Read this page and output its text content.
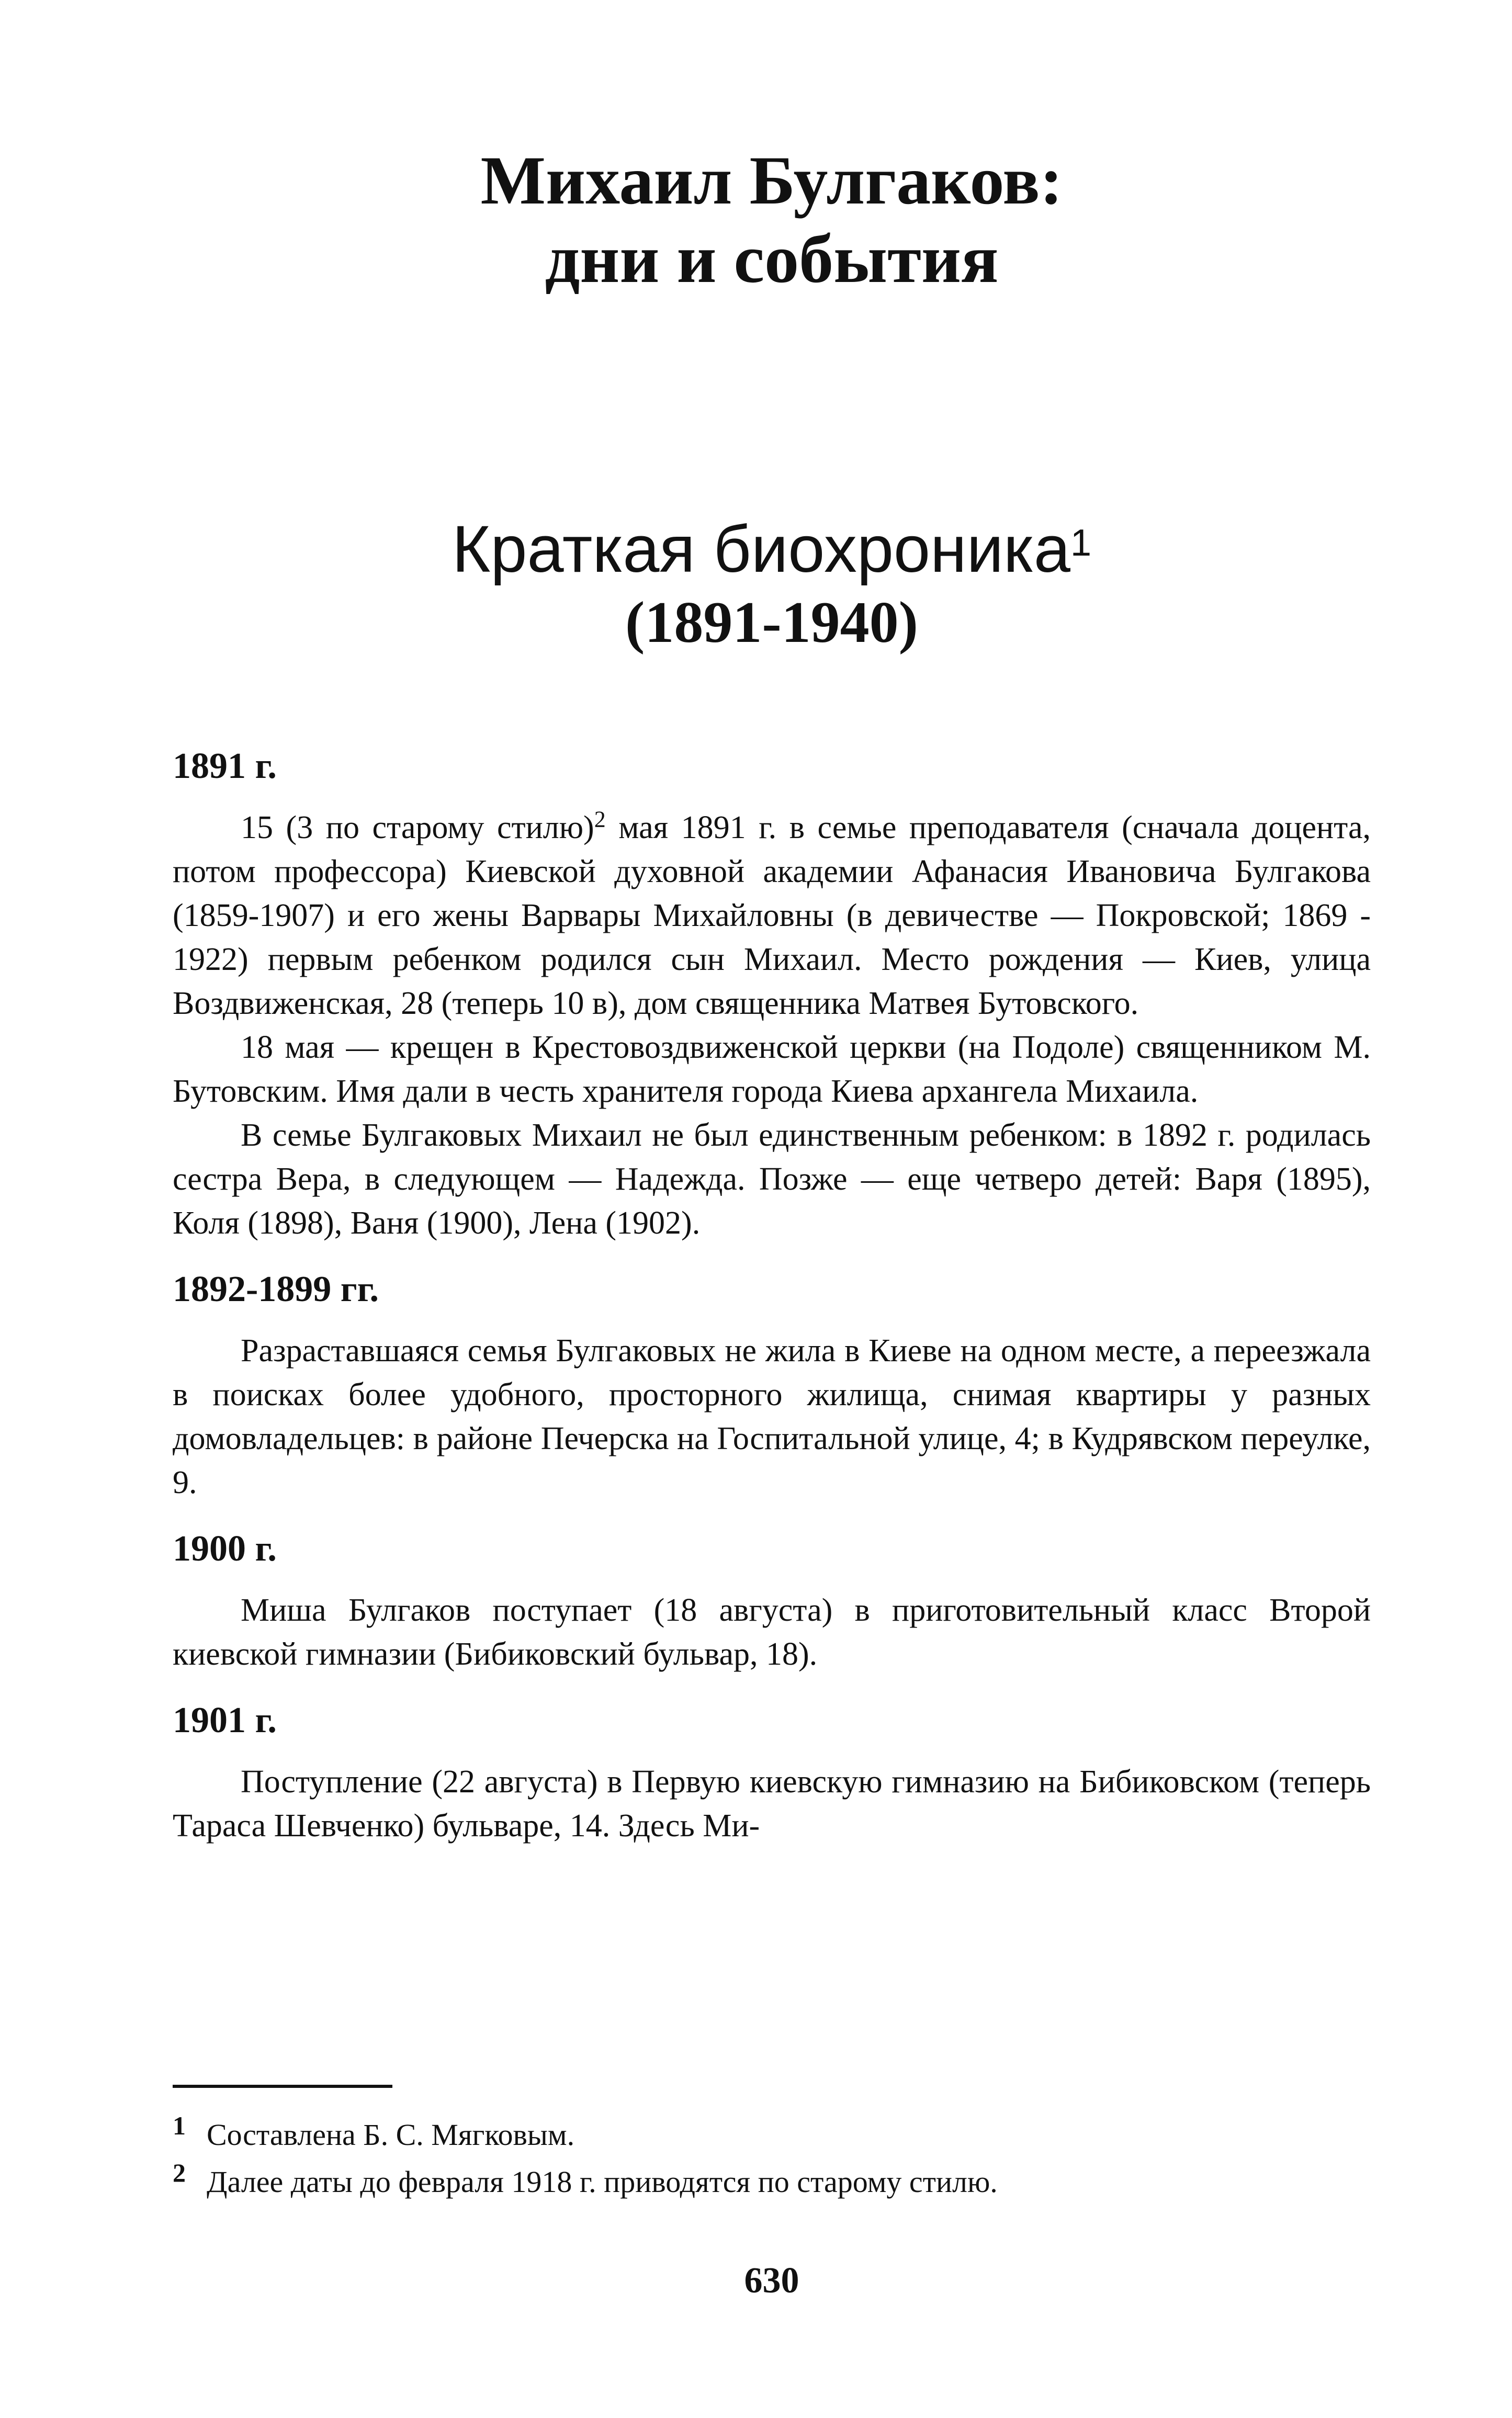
Михаил Булгаков:
дни и события
Краткая биохроника$^1$
(1891-1940)

1891 г.

15 (3 по старому стилю)$^2$ мая 1891 г. в семье преподавателя (сначала доцента, потом профессора) Киевской духовной академии Афанасия Ивановича Булгакова (1859-1907) и его жены Варвары Михайловны (в девичестве — Покровской; 1869 - 1922) первым ребенком родился сын Михаил. Место рождения — Киев, улица Воздвиженская, 28 (теперь 10 в), дом священника Матвея Бутовского.

18 мая — крещен в Крестовоздвиженской церкви (на Подоле) священником М. Бутовским. Имя дали в честь хранителя города Киева архангела Михаила.

В семье Булгаковых Михаил не был единственным ребенком: в 1892 г. родилась сестра Вера, в следующем — Надежда. Позже — еще четверо детей: Варя (1895), Коля (1898), Ваня (1900), Лена (1902).

1892-1899 гг.

Разраставшаяся семья Булгаковых не жила в Киеве на одном месте, а переезжала в поисках более удобного, просторного жилища, снимая квартиры у разных домовладельцев: в районе Печерска на Госпитальной улице, 4; в Кудрявском переулке, 9.

1900 г.

Миша Булгаков поступает (18 августа) в приготовительный класс Второй киевской гимназии (Бибиковский бульвар, 18).

1901 г.

Поступление (22 августа) в Первую киевскую гимназию на Бибиковском (теперь Тараса Шевченко) бульваре, 14. Здесь Ми-

1 Составлена Б. С. Мягковым.

2 Далее даты до февраля 1918 г. приводятся по старому стилю.

630
